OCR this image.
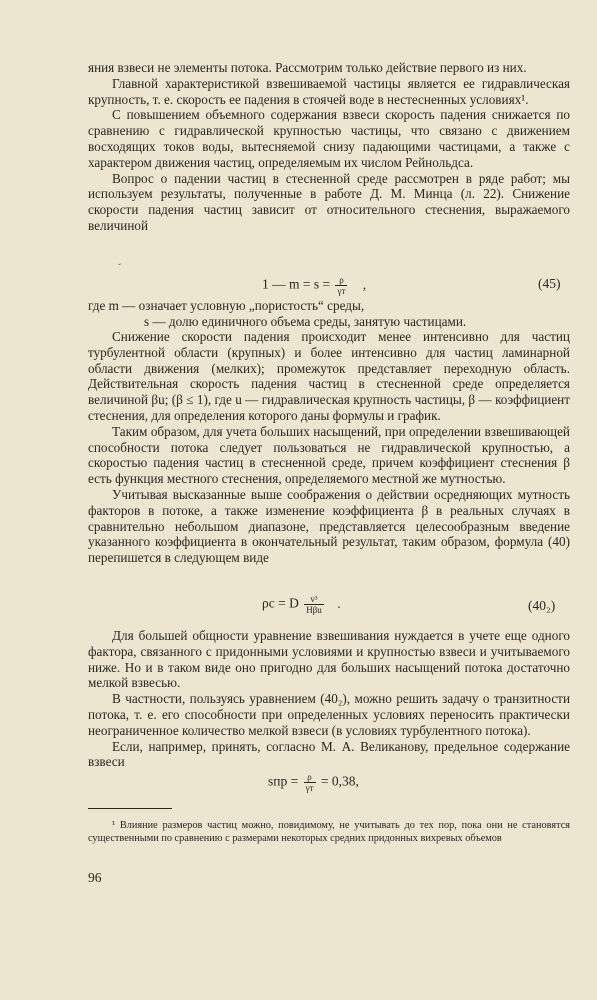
яния взвеси не элементы потока. Рассмотрим только действие первого из них.

Главной характеристикой взвешиваемой частицы является ее гидравлическая крупность, т. е. скорость ее падения в стоячей воде в нестесненных условиях¹.

С повышением объемного содержания взвеси скорость падения снижается по сравнению с гидравлической крупностью частицы, что связано с движением восходящих токов воды, вытесняемой снизу падающими частицами, а также с характером движения частиц, определяемым их числом Рейнольдса.

Вопрос о падении частиц в стесненной среде рассмотрен в ряде работ; мы используем результаты, полученные в работе Д. М. Минца (л. 22). Снижение скорости падения частиц зависит от относительного стеснения, выражаемого величиной

ˇ
1 — $m = s = \frac{\rho}{\gamma т}$ ,	(45)
где m — означает условную „пористость“ среды,
s — долю единичного объема среды, занятую частицами.

Снижение скорости падения происходит менее интенсивно для частиц турбулентной области (крупных) и более интенсивно для частиц ламинарной области движения (мелких); промежуток представляет переходную область. Действительная скорость падения частиц в стесненной среде определяется величиной βu; (β ≤ 1), где u — гидравлическая крупность частицы, β — коэффициент стеснения, для определения которого даны формулы и график.

Таким образом, для учета больших насыщений, при определении взвешивающей способности потока следует пользоваться не гидравлической крупностью, а скоростью падения частиц в стесненной среде, причем коэффициент стеснения β есть функция местного стеснения, определяемого местной же мутностью.

Учитывая высказанные выше соображения о действии осредняющих мутность факторов в потоке, а также изменение коэффициента β в реальных случаях в сравнительно небольшом диапазоне, представляется целесообразным введение указанного коэффициента в окончательный результат, таким образом, формула (40) перепишется в следующем виде

ρc = D $\frac{\text{v³}}{\text{Hβu}}$ .	(40₂)

Для большей общности уравнение взвешивания нуждается в учете еще одного фактора, связанного с придонными условиями и крупностью взвеси и учитываемого ниже. Но и в таком виде оно пригодно для больших насыщений потока достаточно мелкой взвесью.

В частности, пользуясь уравнением (40₂), можно решить задачу о транзитности потока, т. е. его способности при определенных условиях переносить практически неограниченное количество мелкой взвеси (в условиях турбулентного потока).

Если, например, принять, согласно М. А. Великанову, предельное содержание взвеси

sпр = $\frac{\rho}{\gamma т} = 0,38$,

¹ Влияние размеров частиц можно, повидимому, не учитывать до тех пор, пока они не становятся существенными по сравнению с размерами некоторых средних придонных вихревых объемов

96
